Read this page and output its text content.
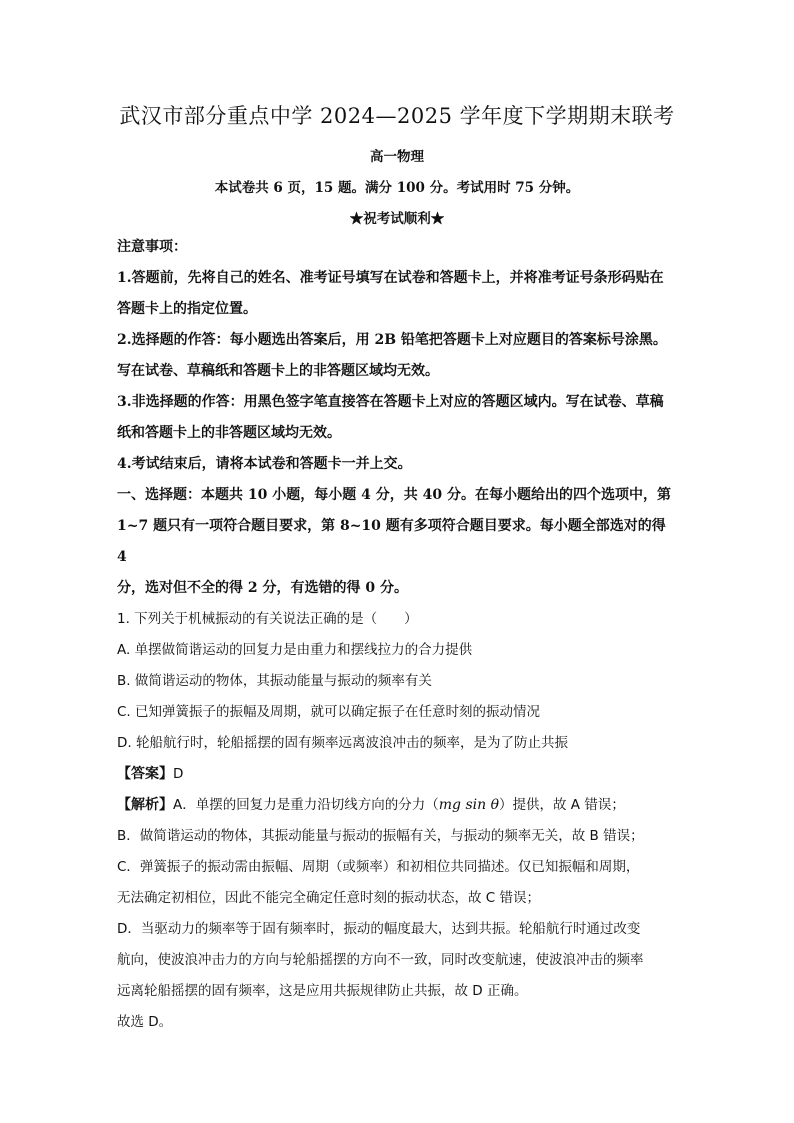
武汉市部分重点中学 2024—2025 学年度下学期期末联考

高一物理

本试卷共 6 页，15 题。满分 100 分。考试用时 75 分钟。

★祝考试顺利★

注意事项：

1.答题前，先将自己的姓名、准考证号填写在试卷和答题卡上，并将准考证号条形码贴在

答题卡上的指定位置。

2.选择题的作答：每小题选出答案后，用 2B 铅笔把答题卡上对应题目的答案标号涂黑。

写在试卷、草稿纸和答题卡上的非答题区域均无效。

3.非选择题的作答：用黑色签字笔直接答在答题卡上对应的答题区域内。写在试卷、草稿

纸和答题卡上的非答题区域均无效。

4.考试结束后，请将本试卷和答题卡一并上交。

一、选择题：本题共 10 小题，每小题 4 分，共 40 分。在每小题给出的四个选项中，第

1~7 题只有一项符合题目要求，第 8~10 题有多项符合题目要求。每小题全部选对的得 4

分，选对但不全的得 2 分，有选错的得 0 分。

1. 下列关于机械振动的有关说法正确的是（　　）

A. 单摆做简谐运动的回复力是由重力和摆线拉力的合力提供

B. 做简谐运动的物体，其振动能量与振动的频率有关

C. 已知弹簧振子的振幅及周期，就可以确定振子在任意时刻的振动情况

D. 轮船航行时，轮船摇摆的固有频率远离波浪冲击的频率，是为了防止共振

【答案】D

【解析】A．单摆的回复力是重力沿切线方向的分力（mg sin θ）提供，故 A 错误；

B．做简谐运动的物体，其振动能量与振动的振幅有关，与振动的频率无关，故 B 错误；

C．弹簧振子的振动需由振幅、周期（或频率）和初相位共同描述。仅已知振幅和周期，

无法确定初相位，因此不能完全确定任意时刻的振动状态，故 C 错误；

D．当驱动力的频率等于固有频率时，振动的幅度最大，达到共振。轮船航行时通过改变

航向，使波浪冲击力的方向与轮船摇摆的方向不一致，同时改变航速，使波浪冲击的频率

远离轮船摇摆的固有频率，这是应用共振规律防止共振，故 D 正确。

故选 D。
